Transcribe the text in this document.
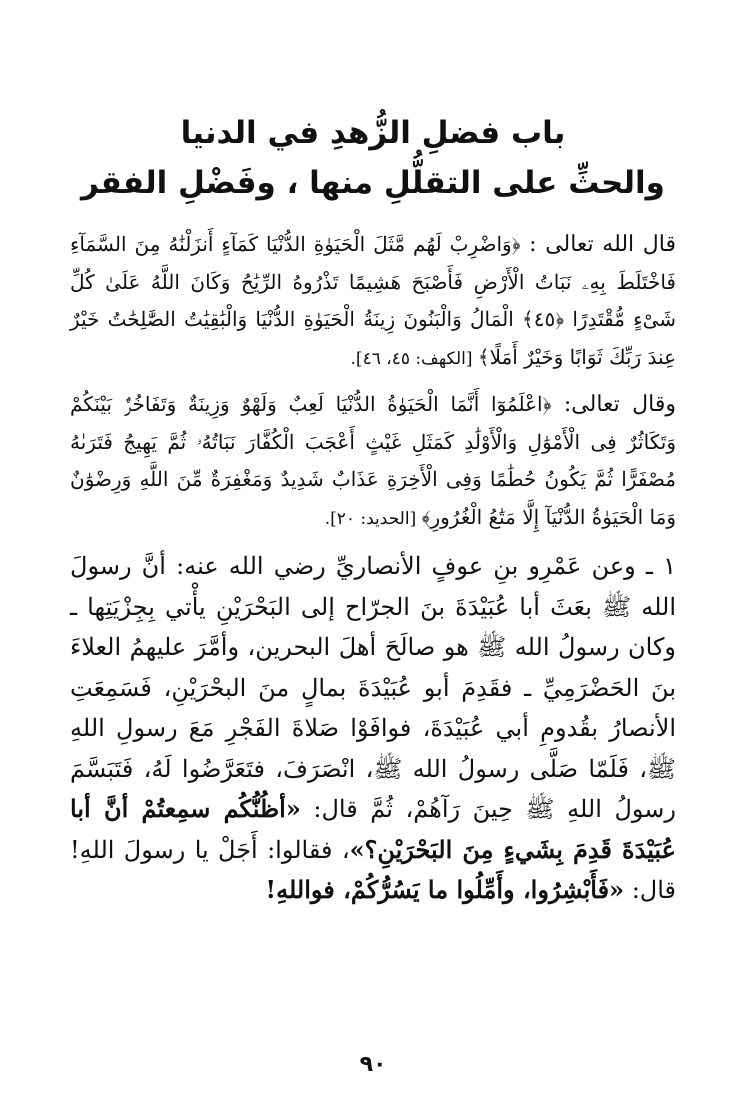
باب فضلِ الزُّهدِ في الدنيا
والحثِّ على التقلُّلِ منها ، وفَضْلِ الفقر

قال الله تعالى : ﴿وَاضْرِبْ لَهُم مَّثَلَ الْحَيَوٰةِ الدُّنْيَا كَمَآءٍ أَنزَلْنَٰهُ مِنَ السَّمَآءِ فَاخْتَلَطَ بِهِۦ نَبَاتُ الْأَرْضِ فَأَصْبَحَ هَشِيمًا تَذْرُوهُ الرِّيَٰحُ وَكَانَ اللَّهُ عَلَىٰ كُلِّ شَىْءٍ مُّقْتَدِرًا ﴿٤٥﴾ الْمَالُ وَالْبَنُونَ زِينَةُ الْحَيَوٰةِ الدُّنْيَا وَالْبَٰقِيَٰتُ الصَّٰلِحَٰتُ خَيْرٌ عِندَ رَبِّكَ ثَوَابًا وَخَيْرٌ أَمَلًا﴾ [الكهف: ٤٥، ٤٦].

وقال تعالى: ﴿اعْلَمُوٓا أَنَّمَا الْحَيَوٰةُ الدُّنْيَا لَعِبٌ وَلَهْوٌ وَزِينَةٌ وَتَفَاخُرٌۢ بَيْنَكُمْ وَتَكَاثُرٌ فِى الْأَمْوَٰلِ وَالْأَوْلَٰدِ كَمَثَلِ غَيْثٍ أَعْجَبَ الْكُفَّارَ نَبَاتُهُۥ ثُمَّ يَهِيجُ فَتَرَىٰهُ مُصْفَرًّا ثُمَّ يَكُونُ حُطَٰمًا وَفِى الْأَخِرَةِ عَذَابٌ شَدِيدٌ وَمَغْفِرَةٌ مِّنَ اللَّهِ وَرِضْوَٰنٌ وَمَا الْحَيَوٰةُ الدُّنْيَآ إِلَّا مَتَٰعُ الْغُرُورِ﴾ [الحديد: ٢٠].

١ ـ وعن عَمْرِو بنِ عوفٍ الأنصاريِّ رضي الله عنه: أنَّ رسولَ الله ﷺ بعَثَ أبا عُبَيْدَةَ بنَ الجرّاح إلى البَحْرَيْنِ يأْتي بِجِزْيَتِها ـ وكان رسولُ الله ﷺ هو صالَحَ أهلَ البحرين، وأمَّرَ عليهمُ العلاءَ بنَ الحَضْرَمِيِّ ـ فقَدِمَ أبو عُبَيْدَةَ بمالٍ منَ البحْرَيْنِ، فَسَمِعَتِ الأنصارُ بقُدومِ أبي عُبَيْدَةَ، فوافَوْا صَلاةَ الفَجْرِ مَعَ رسولِ اللهِ ﷺ، فَلَمّا صَلَّى رسولُ الله ﷺ، انْصَرَفَ، فتَعَرَّضُوا لَهُ، فَتَبَسَّمَ رسولُ اللهِ ﷺ حِينَ رَآهُمْ، ثُمَّ قال: «أظُنُّكُم سمِعتُمْ أنَّ أبا عُبَيْدَةَ قَدِمَ بِشَيءٍ مِنَ البَحْرَيْنِ؟»، فقالوا: أَجَلْ يا رسولَ اللهِ! قال: «فَأَبْشِرُوا، وأَمِّلُوا ما يَسُرُّكُمْ، فواللهِ!

٩٠
